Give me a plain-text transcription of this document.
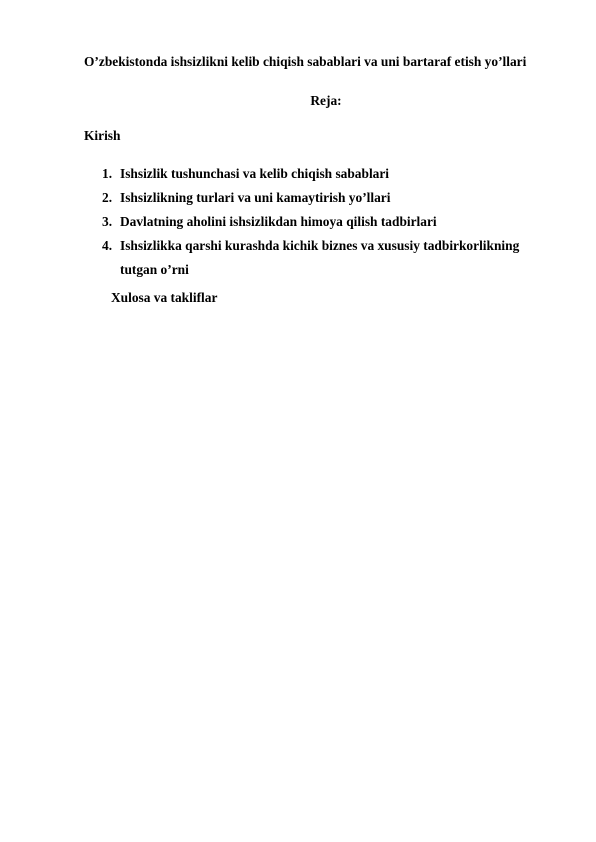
O’zbekistonda ishsizlikni kelib chiqish sabablari va uni bartaraf etish yo’llari
Reja:
Kirish
1. Ishsizlik tushunchasi va kelib chiqish sabablari
2. Ishsizlikning turlari va uni kamaytirish yo’llari
3. Davlatning aholini ishsizlikdan himoya qilish tadbirlari
4. Ishsizlikka qarshi kurashda kichik biznes va xususiy tadbirkorlikning tutgan o’rni
Xulosa va takliflar
